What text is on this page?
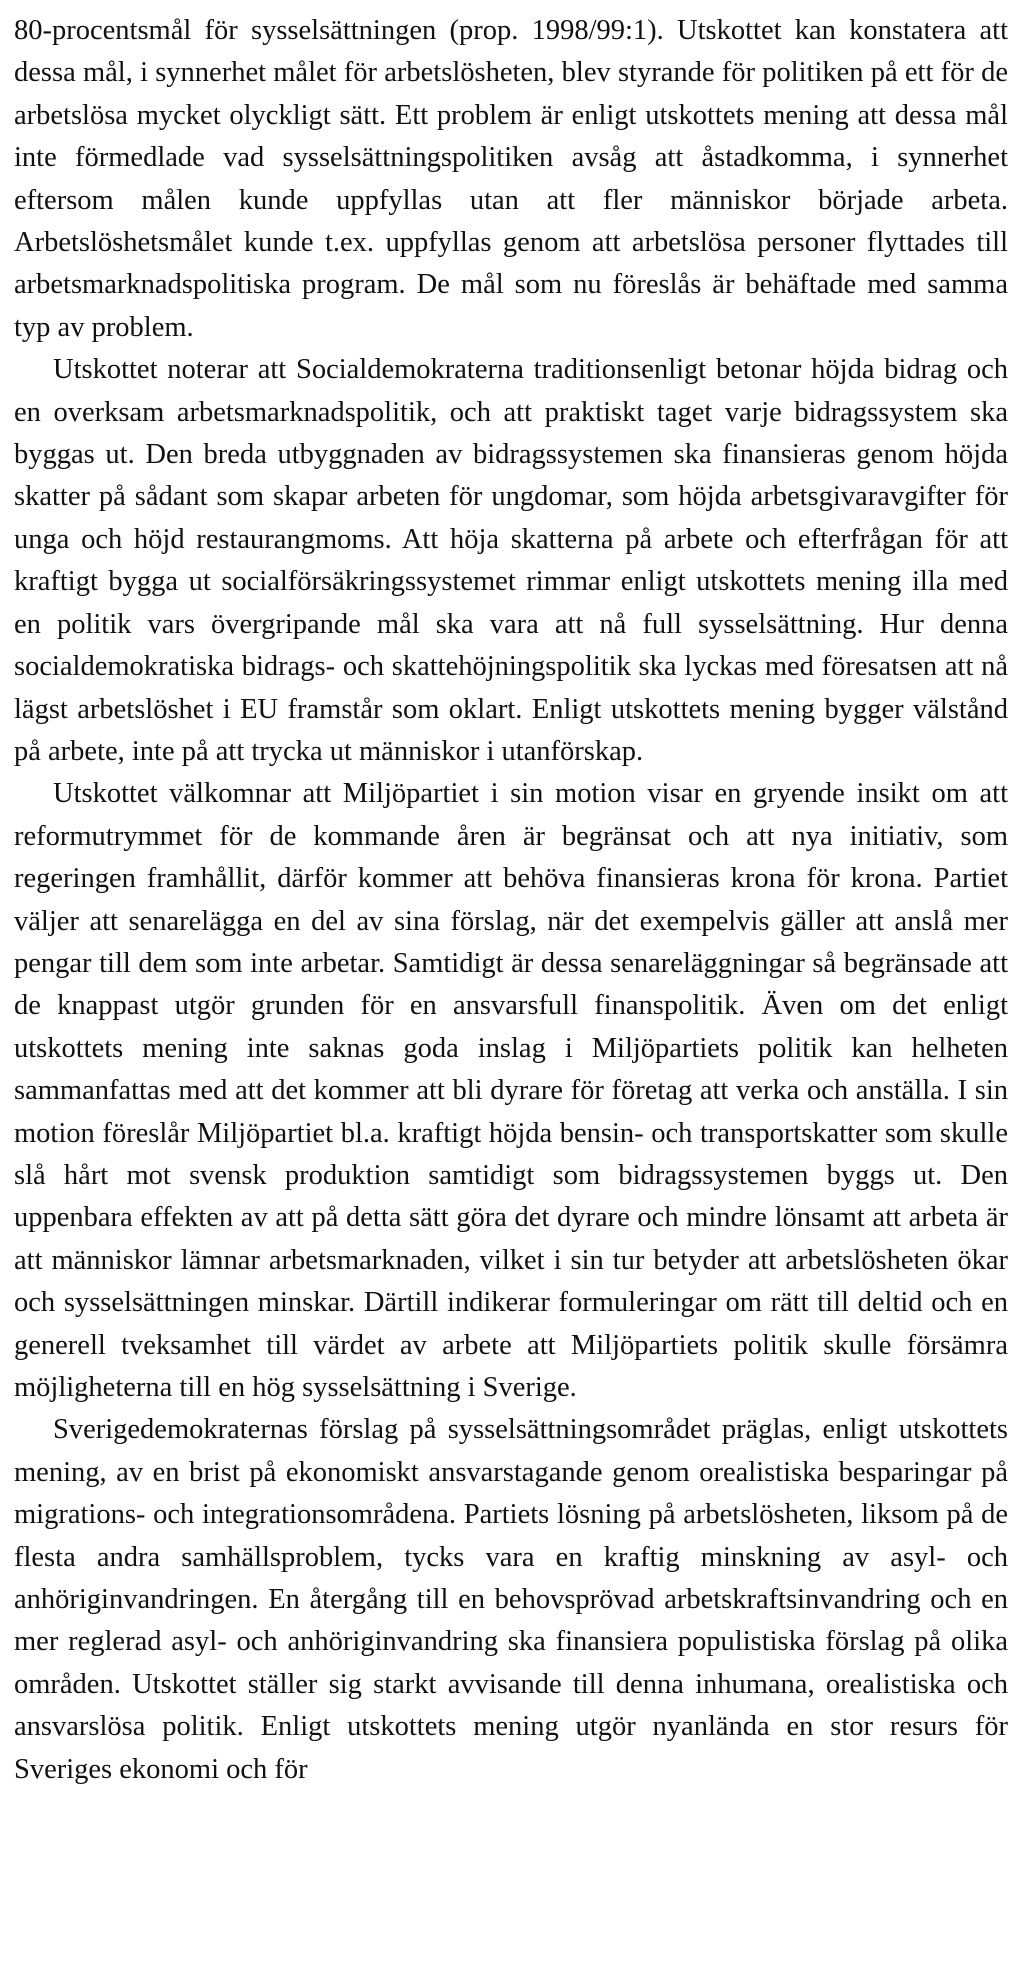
80-procentsmål för sysselsättningen (prop. 1998/99:1). Utskottet kan konstatera att dessa mål, i synnerhet målet för arbetslösheten, blev styrande för politiken på ett för de arbetslösa mycket olyckligt sätt. Ett problem är enligt utskottets mening att dessa mål inte förmedlade vad sysselsättningspolitiken avsåg att åstadkomma, i synnerhet eftersom målen kunde uppfyllas utan att fler människor började arbeta. Arbetslöshetsmålet kunde t.ex. uppfyllas genom att arbetslösa personer flyttades till arbetsmarknadspolitiska program. De mål som nu föreslås är behäftade med samma typ av problem.

Utskottet noterar att Socialdemokraterna traditionsenligt betonar höjda bidrag och en overksam arbetsmarknadspolitik, och att praktiskt taget varje bidragssystem ska byggas ut. Den breda utbyggnaden av bidragssystemen ska finansieras genom höjda skatter på sådant som skapar arbeten för ungdomar, som höjda arbetsgivaravgifter för unga och höjd restaurangmoms. Att höja skatterna på arbete och efterfrågan för att kraftigt bygga ut socialförsäkringssystemet rimmar enligt utskottets mening illa med en politik vars övergripande mål ska vara att nå full sysselsättning. Hur denna socialdemokratiska bidrags- och skattehöjningspolitik ska lyckas med föresatsen att nå lägst arbetslöshet i EU framstår som oklart. Enligt utskottets mening bygger välstånd på arbete, inte på att trycka ut människor i utanförskap.

Utskottet välkomnar att Miljöpartiet i sin motion visar en gryende insikt om att reformutrymmet för de kommande åren är begränsat och att nya initiativ, som regeringen framhållit, därför kommer att behöva finansieras krona för krona. Partiet väljer att senarelägga en del av sina förslag, när det exempelvis gäller att anslå mer pengar till dem som inte arbetar. Samtidigt är dessa senareläggningar så begränsade att de knappast utgör grunden för en ansvarsfull finanspolitik. Även om det enligt utskottets mening inte saknas goda inslag i Miljöpartiets politik kan helheten sammanfattas med att det kommer att bli dyrare för företag att verka och anställa. I sin motion föreslår Miljöpartiet bl.a. kraftigt höjda bensin- och transportskatter som skulle slå hårt mot svensk produktion samtidigt som bidragssystemen byggs ut. Den uppenbara effekten av att på detta sätt göra det dyrare och mindre lönsamt att arbeta är att människor lämnar arbetsmarknaden, vilket i sin tur betyder att arbetslösheten ökar och sysselsättningen minskar. Därtill indikerar formuleringar om rätt till deltid och en generell tveksamhet till värdet av arbete att Miljöpartiets politik skulle försämra möjligheterna till en hög sysselsättning i Sverige.

Sverigedemokraternas förslag på sysselsättningsområdet präglas, enligt utskottets mening, av en brist på ekonomiskt ansvarstagande genom orealistiska besparingar på migrations- och integrationsområdena. Partiets lösning på arbetslösheten, liksom på de flesta andra samhällsproblem, tycks vara en kraftig minskning av asyl- och anhöriginvandringen. En återgång till en behovsprövad arbetskraftsinvandring och en mer reglerad asyl- och anhöriginvandring ska finansiera populistiska förslag på olika områden. Utskottet ställer sig starkt avvisande till denna inhumana, orealistiska och ansvarslösa politik. Enligt utskottets mening utgör nyanlända en stor resurs för Sveriges ekonomi och för
